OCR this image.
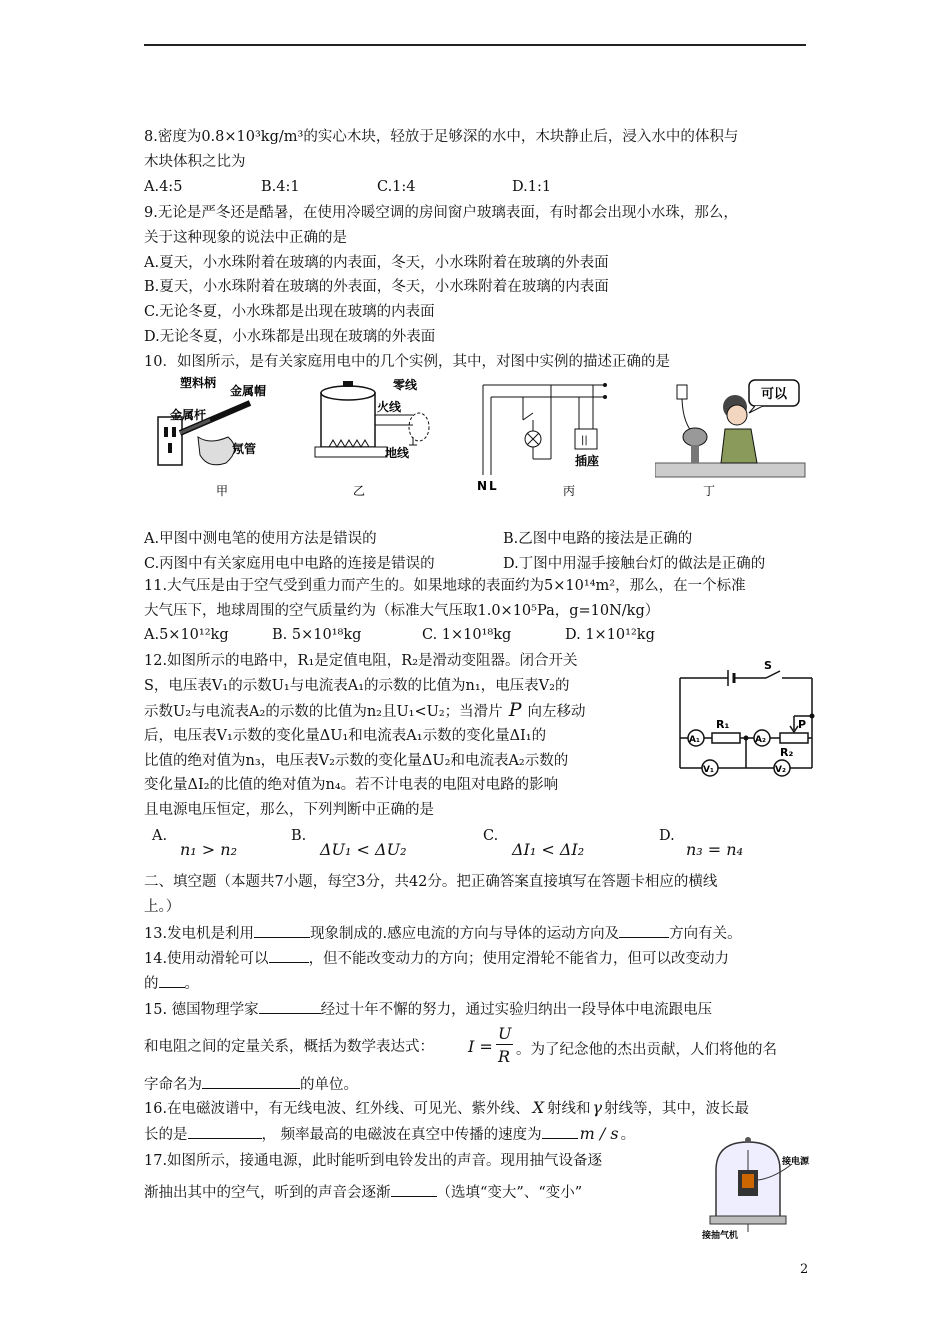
8.密度为0.8×10³kg/m³的实心木块，轻放于足够深的水中，木块静止后，浸入水中的体积与
木块体积之比为
A.4:5	B.4:1	C.1:4	D.1:1
9.无论是严冬还是酷暑，在使用冷暖空调的房间窗户玻璃表面，有时都会出现小水珠，那么，
关于这种现象的说法中正确的是
A.夏天，小水珠附着在玻璃的内表面，冬天，小水珠附着在玻璃的外表面
B.夏天，小水珠附着在玻璃的外表面，冬天，小水珠附着在玻璃的内表面
C.无论冬夏，小水珠都是出现在玻璃的内表面
D.无论冬夏，小水珠都是出现在玻璃的外表面
10．如图所示，是有关家庭用电中的几个实例，其中，对图中实例的描述正确的是
塑料柄
金属帽
金属杆
氖管
甲
零线
火线
地线
乙
||
N L
插座
丙
可以
丁
A.甲图中测电笔的使用方法是错误的	B.乙图中电路的接法是正确的
C.丙图中有关家庭用电中电路的连接是错误的	D.丁图中用湿手接触台灯的做法是正确的
11.大气压是由于空气受到重力而产生的。如果地球的表面约为5×10¹⁴m²，那么，在一个标准
大气压下，地球周围的空气质量约为（标准大气压取1.0×10⁵Pa，g=10N/kg）
A.5×10¹²kg	B. 5×10¹⁸kg	C. 1×10¹⁸kg	D. 1×10¹²kg
12.如图所示的电路中，R₁是定值电阻，R₂是滑动变阻器。闭合开关
S，电压表V₁的示数U₁与电流表A₁的示数的比值为n₁，电压表V₂的
示数U₂与电流表A₂的示数的比值为n₂且U₁<U₂；当滑片 P 向左移动
后，电压表V₁示数的变化量ΔU₁和电流表A₁示数的变化量ΔI₁的
比值的绝对值为n₃，电压表V₂示数的变化量ΔU₂和电流表A₂示数的
变化量ΔI₂的比值的绝对值为n₄。若不计电表的电阻对电路的影响
且电源电压恒定，那么，下列判断中正确的是
S
R₁
R₂
P
A₁	A₂
V₁	V₂
A.
n₁ > n₂
B.
ΔU₁ < ΔU₂
C.
ΔI₁ < ΔI₂
D.
n₃ = n₄
二、填空题（本题共7小题，每空3分，共42分。把正确答案直接填写在答题卡相应的横线
上。）
13.发电机是利用	现象制成的.感应电流的方向与导体的运动方向及	方向有关。
14.使用动滑轮可以	，但不能改变动力的方向；使用定滑轮不能省力，但可以改变动力
的 。
15. 德国物理学家	经过十年不懈的努力，通过实验归纳出一段导体中电流跟电压
和电阻之间的定量关系，概括为数学表达式： I =
U
R 。为了纪念他的杰出贡献，人们将他的名
字命名为	的单位。
16.在电磁波谱中，有无线电波、红外线、可见光、紫外线、 X 射线和 γ 射线等，其中，波长最
长的是	， 频率最高的电磁波在真空中传播的速度为 m / s 。
17.如图所示，接通电源，此时能听到电铃发出的声音。现用抽气设备逐
渐抽出其中的空气，听到的声音会逐渐	（选填“变大”、“变小”
接电源
接抽气机
2
